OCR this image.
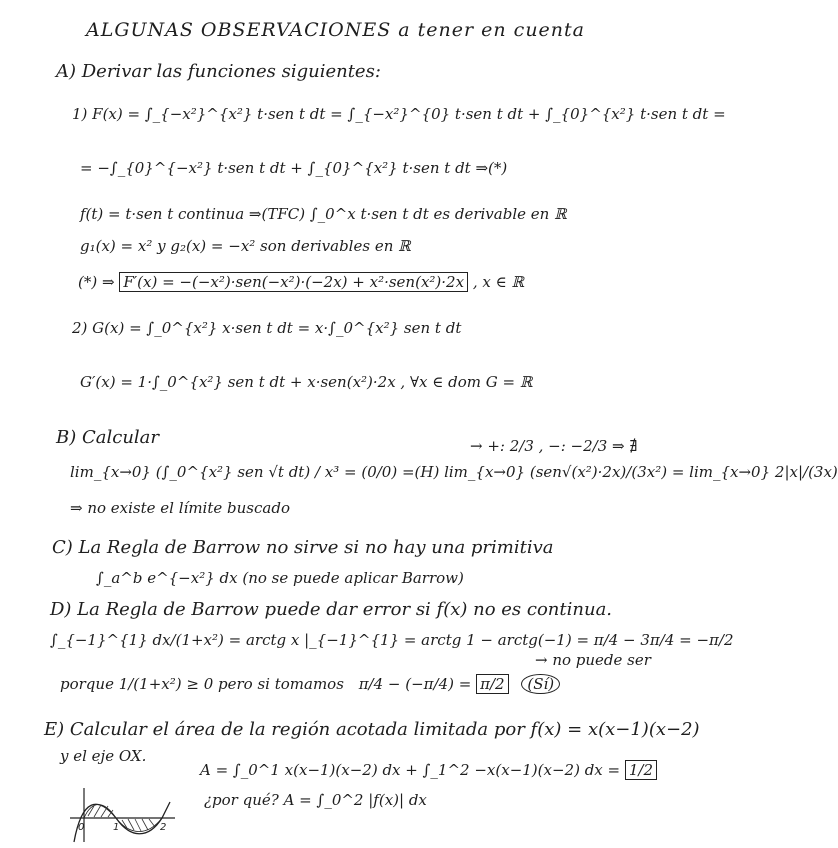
ALGUNAS OBSERVACIONES a tener en cuenta
A) Derivar las funciones siguientes:
1) F(x) = ∫_{−x²}^{x²} t·sen t dt = ∫_{−x²}^{0} t·sen t dt + ∫_{0}^{x²} t·sen t dt =
= −∫_{0}^{−x²} t·sen t dt + ∫_{0}^{x²} t·sen t dt ⇒(*)
f(t) = t·sen t continua ⇒(TFC) ∫_0^x t·sen t dt es derivable en ℝ
g₁(x) = x² y g₂(x) = −x² son derivables en ℝ
(*) ⇒ F′(x) = −(−x²)·sen(−x²)·(−2x) + x²·sen(x²)·2x , x ∈ ℝ
2) G(x) = ∫_0^{x²} x·sen t dt = x·∫_0^{x²} sen t dt
G′(x) = 1·∫_0^{x²} sen t dt + x·sen(x²)·2x , ∀x ∈ dom G = ℝ
B) Calcular
lim_{x→0} (∫_0^{x²} sen √t dt) / x³ = (0/0) =(H) lim_{x→0} (sen√(x²)·2x)/(3x²) = lim_{x→0} 2|x|/(3x)
→ +: 2/3 , −: −2/3 ⇒ ∄
⇒ no existe el límite buscado
C) La Regla de Barrow no sirve si no hay una primitiva
∫_a^b e^{−x²} dx (no se puede aplicar Barrow)
D) La Regla de Barrow puede dar error si f(x) no es continua.
∫_{−1}^{1} dx/(1+x²) = arctg x |_{−1}^{1} = arctg 1 − arctg(−1) = π/4 − 3π/4 = −π/2
→ no puede ser
porque 1/(1+x²) ≥ 0 pero si tomamos π/4 − (−π/4) = π/2 (Sí)
E) Calcular el área de la región acotada limitada por f(x) = x(x−1)(x−2)
y el eje OX.
A = ∫_0^1 x(x−1)(x−2) dx + ∫_1^2 −x(x−1)(x−2) dx = 1/2
¿por qué? A = ∫_0^2 |f(x)| dx
0	1	2
